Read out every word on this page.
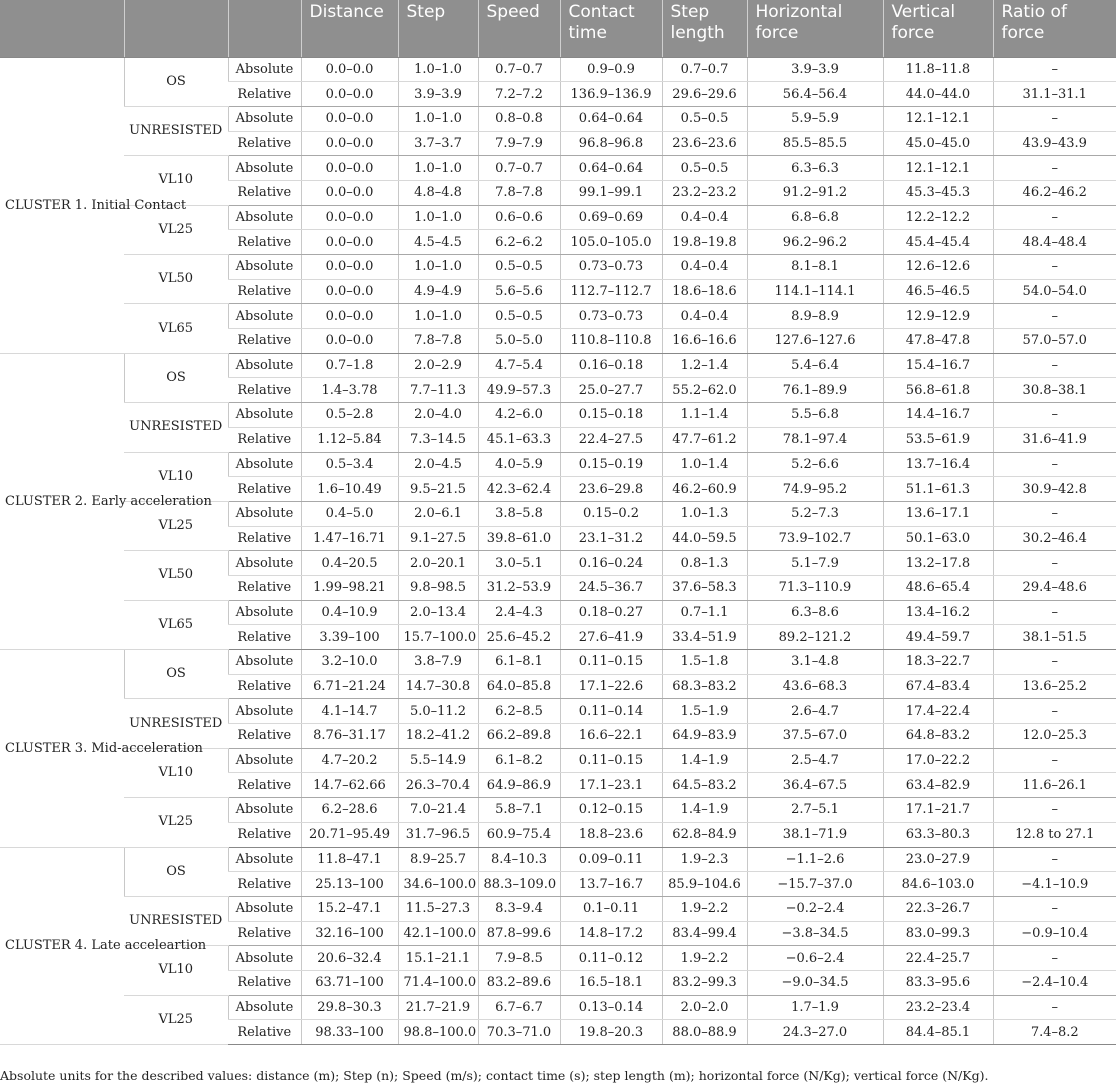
			Distance	Step	Speed	Contact time	Step length	Horizontal force	Vertical force	Ratio of force
CLUSTER 1. Initial Contact	OS	Absolute	0.0–0.0	1.0–1.0	0.7–0.7	0.9–0.9	0.7–0.7	3.9–3.9	11.8–11.8	–
		Relative	0.0–0.0	3.9–3.9	7.2–7.2	136.9–136.9	29.6–29.6	56.4–56.4	44.0–44.0	31.1–31.1
	UNRESISTED	Absolute	0.0–0.0	1.0–1.0	0.8–0.8	0.64–0.64	0.5–0.5	5.9–5.9	12.1–12.1	–
		Relative	0.0–0.0	3.7–3.7	7.9–7.9	96.8–96.8	23.6–23.6	85.5–85.5	45.0–45.0	43.9–43.9
	VL10	Absolute	0.0–0.0	1.0–1.0	0.7–0.7	0.64–0.64	0.5–0.5	6.3–6.3	12.1–12.1	–
		Relative	0.0–0.0	4.8–4.8	7.8–7.8	99.1–99.1	23.2–23.2	91.2–91.2	45.3–45.3	46.2–46.2
	VL25	Absolute	0.0–0.0	1.0–1.0	0.6–0.6	0.69–0.69	0.4–0.4	6.8–6.8	12.2–12.2	–
		Relative	0.0–0.0	4.5–4.5	6.2–6.2	105.0–105.0	19.8–19.8	96.2–96.2	45.4–45.4	48.4–48.4
	VL50	Absolute	0.0–0.0	1.0–1.0	0.5–0.5	0.73–0.73	0.4–0.4	8.1–8.1	12.6–12.6	–
		Relative	0.0–0.0	4.9–4.9	5.6–5.6	112.7–112.7	18.6–18.6	114.1–114.1	46.5–46.5	54.0–54.0
	VL65	Absolute	0.0–0.0	1.0–1.0	0.5–0.5	0.73–0.73	0.4–0.4	8.9–8.9	12.9–12.9	–
		Relative	0.0–0.0	7.8–7.8	5.0–5.0	110.8–110.8	16.6–16.6	127.6–127.6	47.8–47.8	57.0–57.0
CLUSTER 2. Early acceleration	OS	Absolute	0.7–1.8	2.0–2.9	4.7–5.4	0.16–0.18	1.2–1.4	5.4–6.4	15.4–16.7	–
		Relative	1.4–3.78	7.7–11.3	49.9–57.3	25.0–27.7	55.2–62.0	76.1–89.9	56.8–61.8	30.8–38.1
	UNRESISTED	Absolute	0.5–2.8	2.0–4.0	4.2–6.0	0.15–0.18	1.1–1.4	5.5–6.8	14.4–16.7	–
		Relative	1.12–5.84	7.3–14.5	45.1–63.3	22.4–27.5	47.7–61.2	78.1–97.4	53.5–61.9	31.6–41.9
	VL10	Absolute	0.5–3.4	2.0–4.5	4.0–5.9	0.15–0.19	1.0–1.4	5.2–6.6	13.7–16.4	–
		Relative	1.6–10.49	9.5–21.5	42.3–62.4	23.6–29.8	46.2–60.9	74.9–95.2	51.1–61.3	30.9–42.8
	VL25	Absolute	0.4–5.0	2.0–6.1	3.8–5.8	0.15–0.2	1.0–1.3	5.2–7.3	13.6–17.1	–
		Relative	1.47–16.71	9.1–27.5	39.8–61.0	23.1–31.2	44.0–59.5	73.9–102.7	50.1–63.0	30.2–46.4
	VL50	Absolute	0.4–20.5	2.0–20.1	3.0–5.1	0.16–0.24	0.8–1.3	5.1–7.9	13.2–17.8	–
		Relative	1.99–98.21	9.8–98.5	31.2–53.9	24.5–36.7	37.6–58.3	71.3–110.9	48.6–65.4	29.4–48.6
	VL65	Absolute	0.4–10.9	2.0–13.4	2.4–4.3	0.18–0.27	0.7–1.1	6.3–8.6	13.4–16.2	–
		Relative	3.39–100	15.7–100.0	25.6–45.2	27.6–41.9	33.4–51.9	89.2–121.2	49.4–59.7	38.1–51.5
CLUSTER 3. Mid-acceleration	OS	Absolute	3.2–10.0	3.8–7.9	6.1–8.1	0.11–0.15	1.5–1.8	3.1–4.8	18.3–22.7	–
		Relative	6.71–21.24	14.7–30.8	64.0–85.8	17.1–22.6	68.3–83.2	43.6–68.3	67.4–83.4	13.6–25.2
	UNRESISTED	Absolute	4.1–14.7	5.0–11.2	6.2–8.5	0.11–0.14	1.5–1.9	2.6–4.7	17.4–22.4	–
		Relative	8.76–31.17	18.2–41.2	66.2–89.8	16.6–22.1	64.9–83.9	37.5–67.0	64.8–83.2	12.0–25.3
	VL10	Absolute	4.7–20.2	5.5–14.9	6.1–8.2	0.11–0.15	1.4–1.9	2.5–4.7	17.0–22.2	–
		Relative	14.7–62.66	26.3–70.4	64.9–86.9	17.1–23.1	64.5–83.2	36.4–67.5	63.4–82.9	11.6–26.1
	VL25	Absolute	6.2–28.6	7.0–21.4	5.8–7.1	0.12–0.15	1.4–1.9	2.7–5.1	17.1–21.7	–
		Relative	20.71–95.49	31.7–96.5	60.9–75.4	18.8–23.6	62.8–84.9	38.1–71.9	63.3–80.3	12.8 to 27.1
CLUSTER 4. Late acceleartion	OS	Absolute	11.8–47.1	8.9–25.7	8.4–10.3	0.09–0.11	1.9–2.3	−1.1–2.6	23.0–27.9	–
		Relative	25.13–100	34.6–100.0	88.3–109.0	13.7–16.7	85.9–104.6	−15.7–37.0	84.6–103.0	−4.1–10.9
	UNRESISTED	Absolute	15.2–47.1	11.5–27.3	8.3–9.4	0.1–0.11	1.9–2.2	−0.2–2.4	22.3–26.7	–
		Relative	32.16–100	42.1–100.0	87.8–99.6	14.8–17.2	83.4–99.4	−3.8–34.5	83.0–99.3	−0.9–10.4
	VL10	Absolute	20.6–32.4	15.1–21.1	7.9–8.5	0.11–0.12	1.9–2.2	−0.6–2.4	22.4–25.7	–
		Relative	63.71–100	71.4–100.0	83.2–89.6	16.5–18.1	83.2–99.3	−9.0–34.5	83.3–95.6	−2.4–10.4
	VL25	Absolute	29.8–30.3	21.7–21.9	6.7–6.7	0.13–0.14	2.0–2.0	1.7–1.9	23.2–23.4	–
		Relative	98.33–100	98.8–100.0	70.3–71.0	19.8–20.3	88.0–88.9	24.3–27.0	84.4–85.1	7.4–8.2
Absolute units for the described values: distance (m); Step (n); Speed (m/s); contact time (s); step length (m); horizontal force (N/Kg); vertical force (N/Kg).
